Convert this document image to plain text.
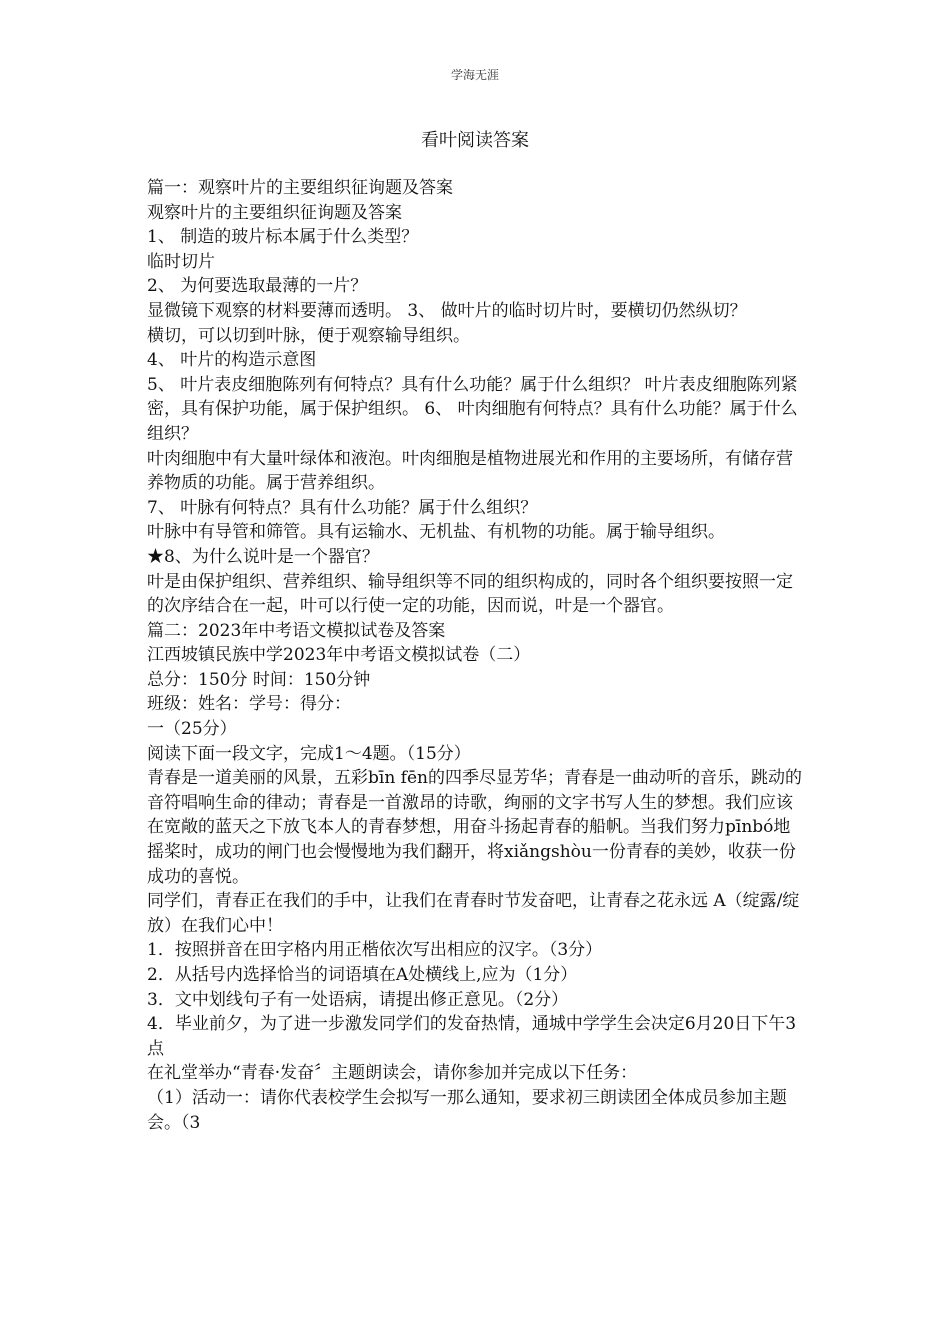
学海无涯
看叶阅读答案
篇一：观察叶片的主要组织征询题及答案
观察叶片的主要组织征询题及答案
1、 制造的玻片标本属于什么类型？
临时切片
2、 为何要选取最薄的一片？
显微镜下观察的材料要薄而透明。 3、 做叶片的临时切片时，要横切仍然纵切？
横切，可以切到叶脉，便于观察输导组织。
4、 叶片的构造示意图
5、 叶片表皮细胞陈列有何特点？具有什么功能？属于什么组织？ 叶片表皮细胞陈列紧密，具有保护功能，属于保护组织。 6、 叶肉细胞有何特点？具有什么功能？属于什么组织？
叶肉细胞中有大量叶绿体和液泡。叶肉细胞是植物进展光和作用的主要场所，有储存营养物质的功能。属于营养组织。
7、 叶脉有何特点？具有什么功能？属于什么组织？
叶脉中有导管和筛管。具有运输水、无机盐、有机物的功能。属于输导组织。
★8、为什么说叶是一个器官？
叶是由保护组织、营养组织、输导组织等不同的组织构成的，同时各个组织要按照一定的次序结合在一起，叶可以行使一定的功能，因而说，叶是一个器官。
篇二：2023年中考语文模拟试卷及答案
江西坡镇民族中学2023年中考语文模拟试卷（二）
总分：150分 时间：150分钟
班级：姓名：学号：得分：
一（25分）
阅读下面一段文字，完成1～4题。（15分）
青春是一道美丽的风景，五彩bīn fēn的四季尽显芳华；青春是一曲动听的音乐，跳动的音符唱响生命的律动；青春是一首激昂的诗歌，绚丽的文字书写人生的梦想。我们应该在宽敞的蓝天之下放飞本人的青春梦想，用奋斗扬起青春的船帆。当我们努力pīnbó地摇桨时，成功的闸门也会慢慢地为我们翻开，将xiǎngshòu一份青春的美妙，收获一份成功的喜悦。
同学们，青春正在我们的手中，让我们在青春时节发奋吧，让青春之花永远 A（绽露/绽放）在我们心中！
1．按照拼音在田字格内用正楷依次写出相应的汉字。（3分）
2．从括号内选择恰当的词语填在A处横线上,应为（1分）
3．文中划线句子有一处语病，请提出修正意见。（2分）
4．毕业前夕，为了进一步激发同学们的发奋热情，通城中学学生会决定6月20日下午3点
在礼堂举办“青春·发奋〞主题朗读会，请你参加并完成以下任务：
（1）活动一：请你代表校学生会拟写一那么通知，要求初三朗读团全体成员参加主题会。（3
